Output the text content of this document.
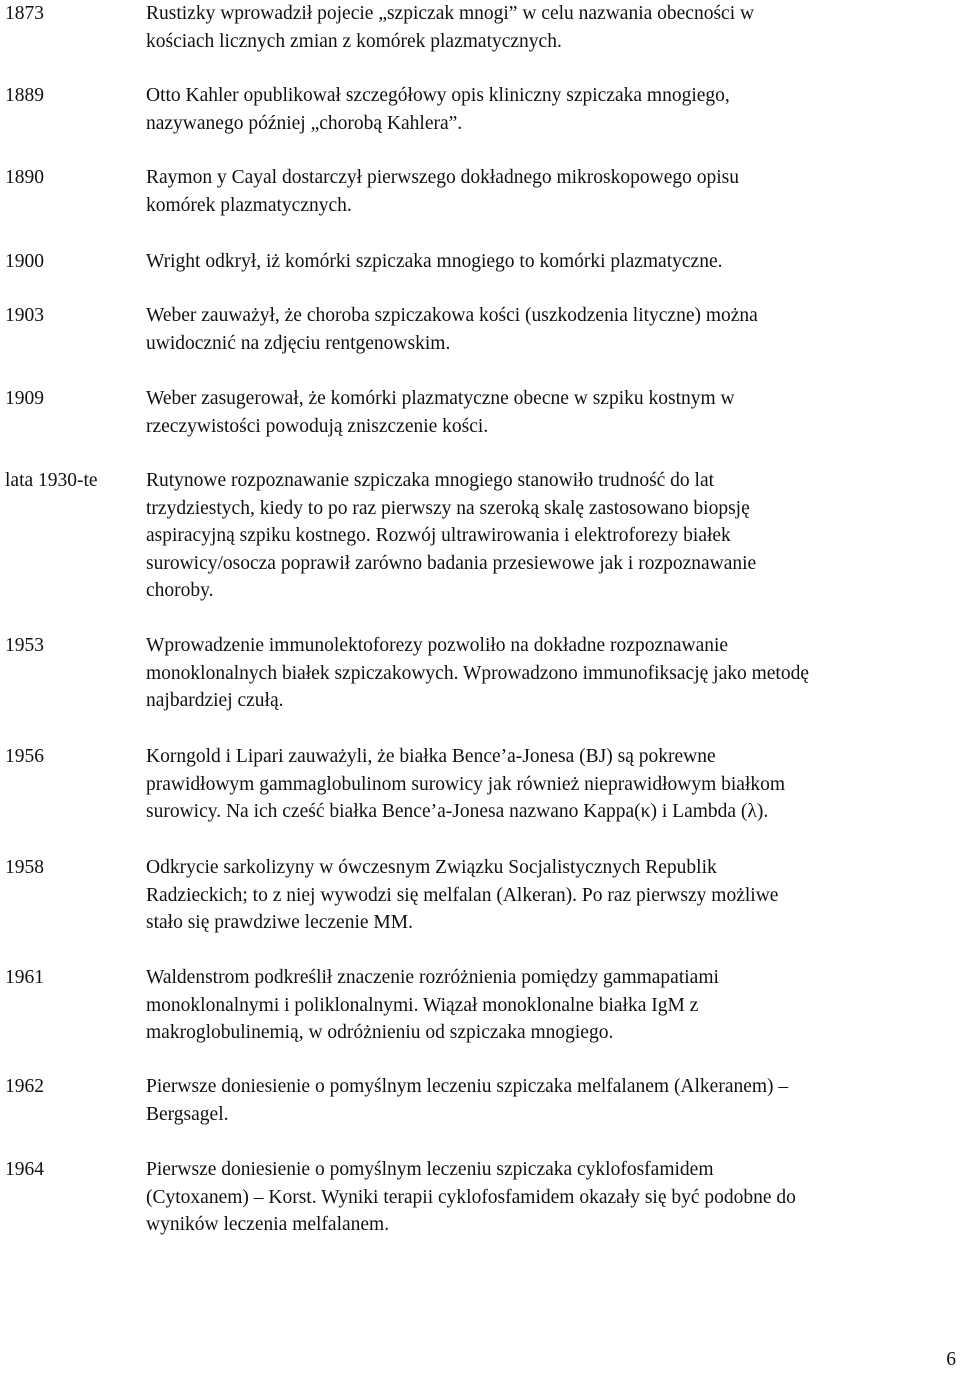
1873	Rustizky wprowadził pojecie „szpiczak mnogi” w celu nazwania obecności w
kościach licznych zmian z komórek plazmatycznych.
1889	Otto Kahler opublikował szczegółowy opis kliniczny szpiczaka mnogiego,
nazywanego później „chorobą Kahlera”.
1890	Raymon y Cayal dostarczył pierwszego dokładnego mikroskopowego opisu
komórek plazmatycznych.
1900	Wright odkrył, iż komórki szpiczaka mnogiego to komórki plazmatyczne.
1903	Weber zauważył, że choroba szpiczakowa kości (uszkodzenia lityczne) można
uwidocznić na zdjęciu rentgenowskim.
1909	Weber zasugerował, że komórki plazmatyczne obecne w szpiku kostnym w
rzeczywistości powodują zniszczenie kości.
lata 1930-te	Rutynowe rozpoznawanie szpiczaka mnogiego stanowiło trudność do lat
trzydziestych, kiedy to po raz pierwszy na szeroką skalę zastosowano biopsję
aspiracyjną szpiku kostnego. Rozwój ultrawirowania i elektroforezy białek
surowicy/osocza poprawił zarówno badania przesiewowe jak i rozpoznawanie
choroby.
1953	Wprowadzenie immunolektoforezy pozwoliło na dokładne rozpoznawanie
monoklonalnych białek szpiczakowych. Wprowadzono immunofiksację jako metodę
najbardziej czułą.
1956	Korngold i Lipari zauważyli, że białka Bence’a-Jonesa (BJ) są pokrewne
prawidłowym gammaglobulinom surowicy jak również nieprawidłowym białkom
surowicy. Na ich cześć białka Bence’a-Jonesa nazwano Kappa(κ) i Lambda (λ).
1958	Odkrycie sarkolizyny w ówczesnym Związku Socjalistycznych Republik
Radzieckich; to z niej wywodzi się melfalan (Alkeran). Po raz pierwszy możliwe
stało się prawdziwe leczenie MM.
1961	Waldenstrom podkreślił znaczenie rozróżnienia pomiędzy gammapatiami
monoklonalnymi i poliklonalnymi. Wiązał monoklonalne białka IgM z
makroglobulinemią, w odróżnieniu od szpiczaka mnogiego.
1962	Pierwsze doniesienie o pomyślnym leczeniu szpiczaka melfalanem (Alkeranem) –
Bergsagel.
1964	Pierwsze doniesienie o pomyślnym leczeniu szpiczaka cyklofosfamidem
(Cytoxanem) – Korst. Wyniki terapii cyklofosfamidem okazały się być podobne do
wyników leczenia melfalanem.
6
